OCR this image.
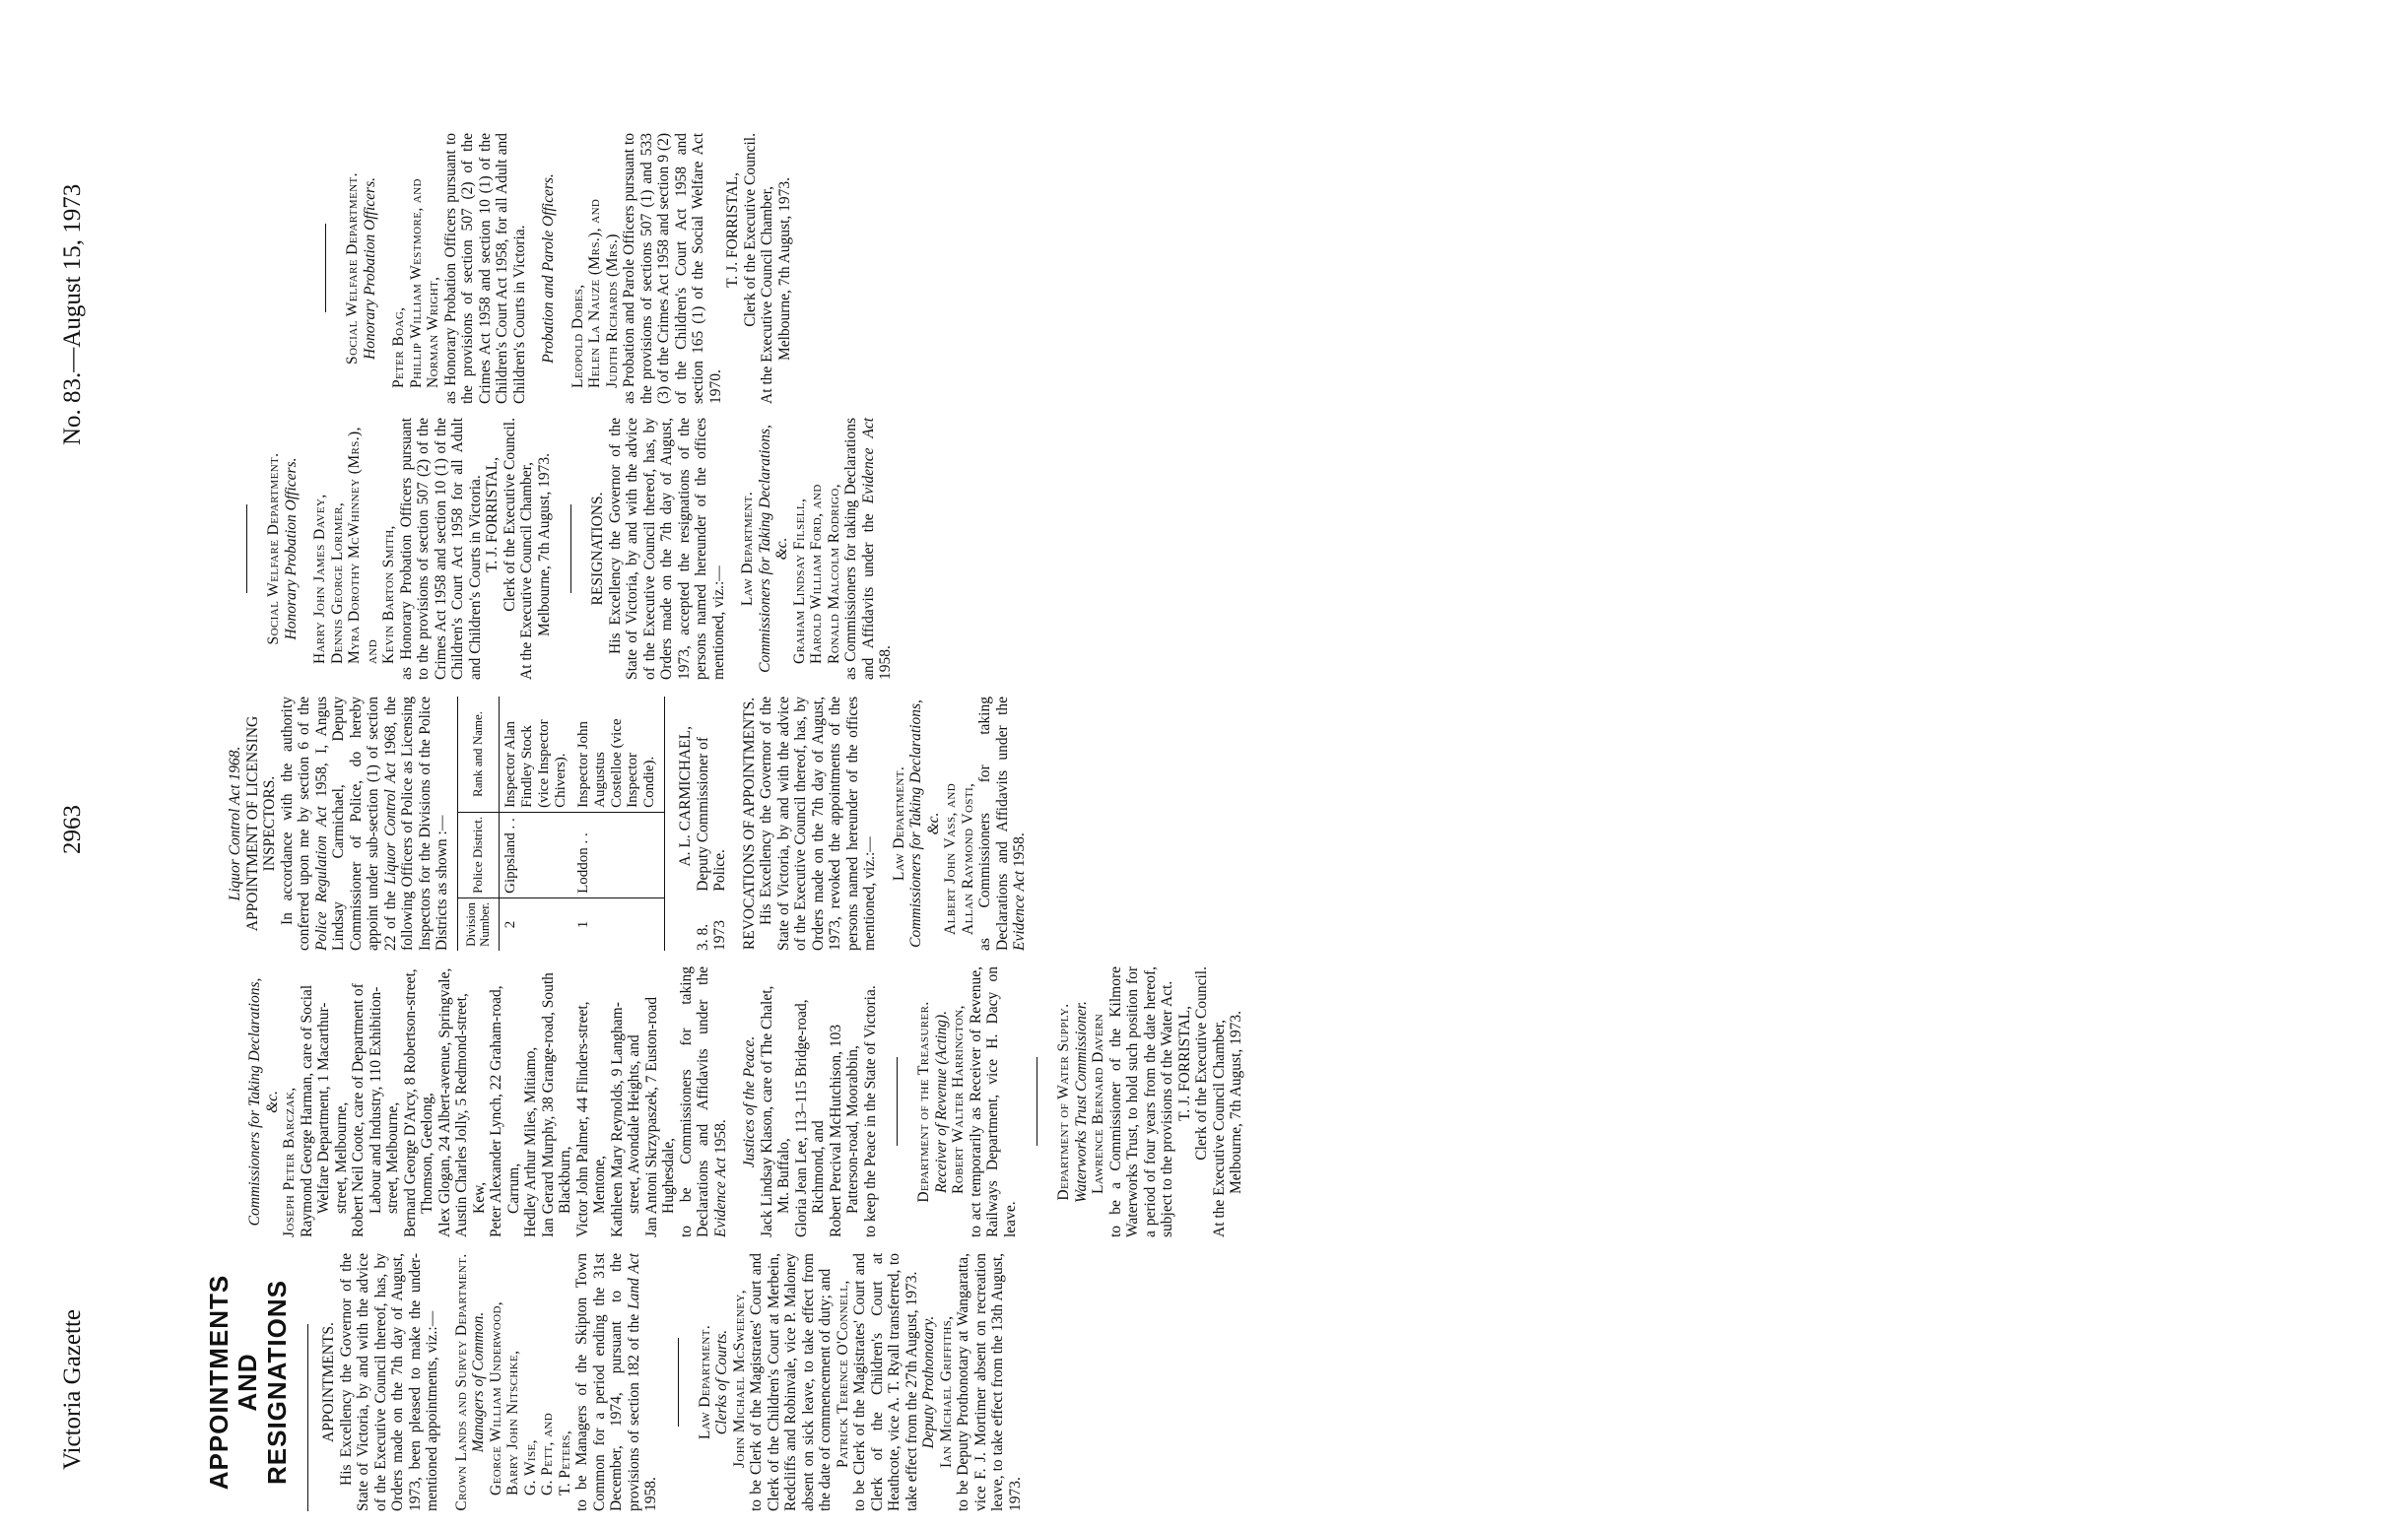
Victoria Gazette
2963
No. 83.—August 15, 1973
APPOINTMENTS AND RESIGNATIONS APPOINTMENTS. His Excellency the Governor of the State of Victoria, by and with the advice of the Executive Council thereof, has, by Orders made on the 7th day of August, 1973, been pleased to make the under-mentioned appointments, viz.:— Crown Lands and Survey Department. Managers of Common. George William Underwood, Barry John Nitschke, G. Wise, G. Pett, and T. Peters, to be Managers of the Skipton Town Common for a period ending the 31st December, 1974, pursuant to the provisions of section 182 of the Land Act 1958.
Law Department. Clerks of Courts. John Michael McSweeney, to be Clerk of the Magistrates' Court and Clerk of the Children's Court at Merbein, Redcliffs and Robinvale, vice P. Maloney absent on sick leave, to take effect from the date of commencement of duty; and Patrick Terence O'Connell, to be Clerk of the Magistrates' Court and Clerk of the Children's Court at Heathcote, vice A. T. Ryall transferred, to take effect from the 27th August, 1973. Deputy Prothonotary. Ian Michael Griffiths, to be Deputy Prothonotary at Wangaratta, vice F. J. Mortimer absent on recreation leave, to take effect from the 13th August, 1973.
Commissioners for Taking Declarations, &c. Joseph Peter Barczak, Raymond George Harman, care of Social Welfare Department, 1 Macarthur-street, Melbourne, Robert Neil Coote, care of Department of Labour and Industry, 110 Exhibition-street, Melbourne, Bernard George D'Arcy, 8 Robertson-street, Thomson, Geelong, Alex Glogan, 24 Albert-avenue, Springvale, Austin Charles Jolly, 5 Redmond-street, Kew, Peter Alexander Lynch, 22 Graham-road, Carrum, Hedley Arthur Miles, Mitiamo, Ian Gerard Murphy, 38 Grange-road, South Blackburn, Victor John Palmer, 44 Flinders-street, Mentone, Kathleen Mary Reynolds, 9 Langham-street, Avondale Heights, and Jan Antoni Skrzypaszek, 7 Euston-road Hughesdale, to be Commissioners for taking Declarations and Affidavits under the Evidence Act 1958. Justices of the Peace. Jack Lindsay Klason, care of The Chalet, Mt. Buffalo, Gloria Jean Lee, 113–115 Bridge-road, Richmond, and Robert Percival McHutchison, 103 Patterson-road, Moorabbin, to keep the Peace in the State of Victoria. Department of the Treasurer. Receiver of Revenue (Acting). Robert Walter Harrington, to act temporarily as Receiver of Revenue, Railways Department, vice H. Dacy on leave.
Department of Water Supply. Waterworks Trust Commissioner. Lawrence Bernard Davern to be a Commissioner of the Kilmore Waterworks Trust, to hold such position for a period of four years from the date hereof, subject to the provisions of the Water Act. T. J. FORRISTAL, Clerk of the Executive Council. At the Executive Council Chamber, Melbourne, 7th August, 1973.
Liquor Control Act 1968. APPOINTMENT OF LICENSING INSPECTORS. In accordance with the authority conferred upon me by section 6 of the Police Regulation Act 1958, I, Angus Lindsay Carmichael, Deputy Commissioner of Police, do hereby appoint under sub-section (1) of section 22 of the Liquor Control Act 1968, the following Officers of Police as Licensing Inspectors for the Divisions of the Police Districts as shown :— Division Number.	Police District.	Rank and Name.
2	Gippsland . .	Inspector Alan Findley Stock (vice Inspector Chivers).
1	Loddon . .	Inspector John Augustus Costelloe (vice Inspector Condie). A. L. CARMICHAEL,
3. 8. 1973
Deputy Commissioner of Police. REVOCATIONS OF APPOINTMENTS. His Excellency the Governor of the State of Victoria, by and with the advice of the Executive Council thereof, has, by Orders made on the 7th day of August, 1973, revoked the appointments of the persons named hereunder of the offices mentioned, viz.:—
Law Department. Commissioners for Taking Declarations, &c. Albert John Vass, and Allan Raymond Vosti, as Commissioners for taking Declarations and Affidavits under the Evidence Act 1958.
Social Welfare Department. Honorary Probation Officers. Harry John James Davey, Dennis George Lorimer, Myra Dorothy McWhinney (Mrs.), and Kevin Barton Smith, as Honorary Probation Officers pursuant to the provisions of section 507 (2) of the Crimes Act 1958 and section 10 (1) of the Children's Court Act 1958 for all Adult and Children's Courts in Victoria. T. J. FORRISTAL, Clerk of the Executive Council. At the Executive Council Chamber, Melbourne, 7th August, 1973. RESIGNATIONS. His Excellency the Governor of the State of Victoria, by and with the advice of the Executive Council thereof, has, by Orders made on the 7th day of August, 1973, accepted the resignations of the persons named hereunder of the offices mentioned, viz.:—
Law Department. Commissioners for Taking Declarations, &c. Graham Lindsay Filsell, Harold William Ford, and Ronald Malcolm Rodrigo, as Commissioners for taking Declarations and Affidavits under the Evidence Act 1958.
Social Welfare Department. Honorary Probation Officers. Peter Boag, Phillip William Westmore, and Norman Wright, as Honorary Probation Officers pursuant to the provisions of section 507 (2) of the Crimes Act 1958 and section 10 (1) of the Children's Court Act 1958, for all Adult and Children's Courts in Victoria. Probation and Parole Officers. Leopold Dobes, Helen La Nauze (Mrs.), and Judith Richards (Mrs.) as Probation and Parole Officers pursuant to the provisions of sections 507 (1) and 533 (3) of the Crimes Act 1958 and section 9 (2) of the Children's Court Act 1958 and section 165 (1) of the Social Welfare Act 1970.
T. J. FORRISTAL, Clerk of the Executive Council. At the Executive Council Chamber, Melbourne, 7th August, 1973.
